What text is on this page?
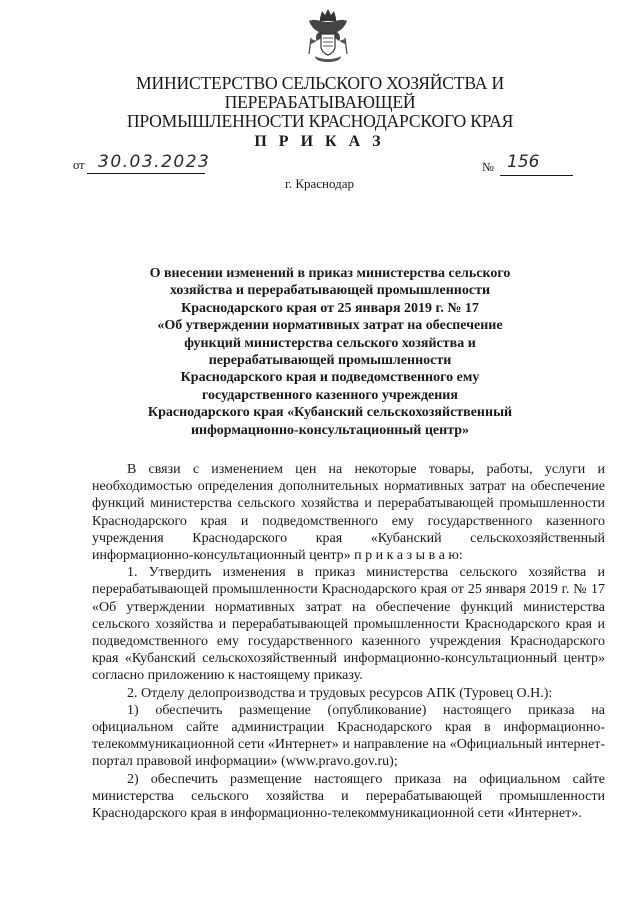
МИНИСТЕРСТВО СЕЛЬСКОГО ХОЗЯЙСТВА И ПЕРЕРАБАТЫВАЮЩЕЙ
ПРОМЫШЛЕННОСТИ КРАСНОДАРСКОГО КРАЯ
П Р И К А З
от 30.03.2023	№ 156
г. Краснодар
О внесении изменений в приказ министерства сельского
хозяйства и перерабатывающей промышленности
Краснодарского края от 25 января 2019 г. № 17
«Об утверждении нормативных затрат на обеспечение
функций министерства сельского хозяйства и
перерабатывающей промышленности
Краснодарского края и подведомственного ему
государственного казенного учреждения
Краснодарского края «Кубанский сельскохозяйственный
информационно-консультационный центр»

В связи с изменением цен на некоторые товары, работы, услуги и необходимостью определения дополнительных нормативных затрат на обеспечение функций министерства сельского хозяйства и перерабатывающей промышленности Краснодарского края и подведомственного ему государственного казенного учреждения Краснодарского края «Кубанский сельскохозяйственный информационно-консультационный центр» п р и к а з ы в а ю:

1. Утвердить изменения в приказ министерства сельского хозяйства и перерабатывающей промышленности Краснодарского края от 25 января 2019 г. № 17 «Об утверждении нормативных затрат на обеспечение функций министерства сельского хозяйства и перерабатывающей промышленности Краснодарского края и подведомственного ему государственного казенного учреждения Краснодарского края «Кубанский сельскохозяйственный информационно-консультационный центр» согласно приложению к настоящему приказу.

2. Отделу делопроизводства и трудовых ресурсов АПК (Туровец О.Н.):

1) обеспечить размещение (опубликование) настоящего приказа на официальном сайте администрации Краснодарского края в информационно-телекоммуникационной сети «Интернет» и направление на «Официальный интернет-портал правовой информации» (www.pravo.gov.ru);

2) обеспечить размещение настоящего приказа на официальном сайте министерства сельского хозяйства и перерабатывающей промышленности Краснодарского края в информационно-телекоммуникационной сети «Интернет».
